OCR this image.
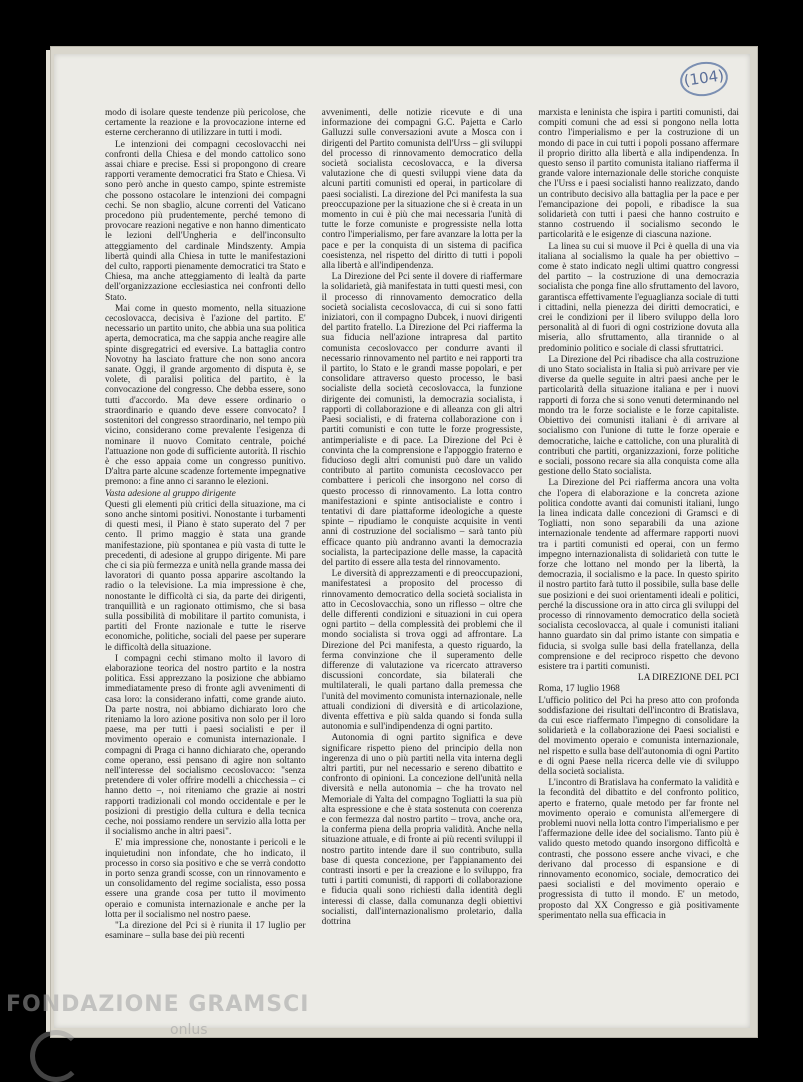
(104)

modo di isolare queste tendenze più pericolose, che certamente la reazione e la provocazione interne ed esterne cercheranno di utilizzare in tutti i modi.

Le intenzioni dei compagni cecoslovacchi nei confronti della Chiesa e del mondo cattolico sono assai chiare e precise. Essi si propongono di creare rapporti veramente democratici fra Stato e Chiesa. Vi sono però anche in questo campo, spinte estremiste che possono ostacolare le intenzioni dei compagni cechi. Se non sbaglio, alcune correnti del Vaticano procedono più prudentemente, perché temono di provocare reazioni negative e non hanno dimenticato le lezioni dell'Ungheria e dell'inconsulto atteggiamento del cardinale Mindszenty. Ampia libertà quindi alla Chiesa in tutte le manifestazioni del culto, rapporti pienamente democratici tra Stato e Chiesa, ma anche atteggiamento di lealtà da parte dell'organizzazione ecclesiastica nei confronti dello Stato.

Mai come in questo momento, nella situazione cecoslovacca, decisiva è l'azione del partito. E' necessario un partito unito, che abbia una sua politica aperta, democratica, ma che sappia anche reagire alle spinte disgregatrici ed eversive. La battaglia contro Novotny ha lasciato fratture che non sono ancora sanate. Oggi, il grande argomento di disputa è, se volete, di paralisi politica del partito, è la convocazione del congresso. Che debba essere, sono tutti d'accordo. Ma deve essere ordinario o straordinario e quando deve essere convocato? I sostenitori del congresso straordinario, nel tempo più vicino, considerano come prevalente l'esigenza di nominare il nuovo Comitato centrale, poiché l'attuazione non gode di sufficiente autorità. Il rischio è che esso appaia come un congresso punitivo. D'altra parte alcune scadenze fortemente impegnative premono: a fine anno ci saranno le elezioni.

Vasta adesione al gruppo dirigente

Questi gli elementi più critici della situazione, ma ci sono anche sintomi positivi. Nonostante i turbamenti di questi mesi, il Piano è stato superato del 7 per cento. Il primo maggio è stata una grande manifestazione, più spontanea e più vasta di tutte le precedenti, di adesione al gruppo dirigente. Mi pare che ci sia più fermezza e unità nella grande massa dei lavoratori di quanto possa apparire ascoltando la radio o la televisione. La mia impressione è che, nonostante le difficoltà ci sia, da parte dei dirigenti, tranquillità e un ragionato ottimismo, che si basa sulla possibilità di mobilitare il partito comunista, i partiti del Fronte nazionale e tutte le riserve economiche, politiche, sociali del paese per superare le difficoltà della situazione.

I compagni cechi stimano molto il lavoro di elaborazione teorica del nostro partito e la nostra politica. Essi apprezzano la posizione che abbiamo immediatamente preso di fronte agli avvenimenti di casa loro: la considerano infatti, come grande aiuto. Da parte nostra, noi abbiamo dichiarato loro che riteniamo la loro azione positiva non solo per il loro paese, ma per tutti i paesi socialisti e per il movimento operaio e comunista internazionale. I compagni di Praga ci hanno dichiarato che, operando come operano, essi pensano di agire non soltanto nell'interesse del socialismo cecoslovacco: "senza pretendere di voler offrire modelli a chicchessia – ci hanno detto –, noi riteniamo che grazie ai nostri rapporti tradizionali col mondo occidentale e per le posizioni di prestigio della cultura e della tecnica ceche, noi possiamo rendere un servizio alla lotta per il socialismo anche in altri paesi".

E' mia impressione che, nonostante i pericoli e le inquietudini non infondate, che ho indicato, il processo in corso sia positivo e che se verrà condotto in porto senza grandi scosse, con un rinnovamento e un consolidamento del regime socialista, esso possa essere una grande cosa per tutto il movimento operaio e comunista internazionale e anche per la lotta per il socialismo nel nostro paese.

"La direzione del Pci si è riunita il 17 luglio per esaminare – sulla base dei più recenti

avvenimenti, delle notizie ricevute e di una informazione dei compagni G.C. Pajetta e Carlo Galluzzi sulle conversazioni avute a Mosca con i dirigenti del Partito comunista dell'Urss – gli sviluppi del processo di rinnovamento democratico della società socialista cecoslovacca, e la diversa valutazione che di questi sviluppi viene data da alcuni partiti comunisti ed operai, in particolare di paesi socialisti. La direzione del Pci manifesta la sua preoccupazione per la situazione che si è creata in un momento in cui è più che mai necessaria l'unità di tutte le forze comuniste e progressiste nella lotta contro l'imperialismo, per fare avanzare la lotta per la pace e per la conquista di un sistema di pacifica coesistenza, nel rispetto del diritto di tutti i popoli alla libertà e all'indipendenza.

La Direzione del Pci sente il dovere di riaffermare la solidarietà, già manifestata in tutti questi mesi, con il processo di rinnovamento democratico della società socialista cecoslovacca, di cui si sono fatti iniziatori, con il compagno Dubcek, i nuovi dirigenti del partito fratello. La Direzione del Pci riafferma la sua fiducia nell'azione intrapresa dal partito comunista cecoslovacco per condurre avanti il necessario rinnovamento nel partito e nei rapporti tra il partito, lo Stato e le grandi masse popolari, e per consolidare attraverso questo processo, le basi socialiste della società cecoslovacca, la funzione dirigente dei comunisti, la democrazia socialista, i rapporti di collaborazione e di alleanza con gli altri Paesi socialisti, e di fraterna collaborazione con i partiti comunisti e con tutte le forze progressiste, antimperialiste e di pace. La Direzione del Pci è convinta che la comprensione e l'appoggio fraterno e fiducioso degli altri comunisti può dare un valido contributo al partito comunista cecoslovacco per combattere i pericoli che insorgono nel corso di questo processo di rinnovamento. La lotta contro manifestazioni e spinte antisocialiste e contro i tentativi di dare piattaforme ideologiche a queste spinte – ripudiamo le conquiste acquisite in venti anni di costruzione del socialismo – sarà tanto più efficace quanto più andranno avanti la democrazia socialista, la partecipazione delle masse, la capacità del partito di essere alla testa del rinnovamento.

Le diversità di apprezzamenti e di preoccupazioni, manifestatesi a proposito del processo di rinnovamento democratico della società socialista in atto in Cecoslovacchia, sono un riflesso – oltre che delle differenti condizioni e situazioni in cui opera ogni partito – della complessità dei problemi che il mondo socialista si trova oggi ad affrontare. La Direzione del Pci manifesta, a questo riguardo, la ferma convinzione che il superamento delle differenze di valutazione va ricercato attraverso discussioni concordate, sia bilaterali che multilaterali, le quali partano dalla premessa che l'unità del movimento comunista internazionale, nelle attuali condizioni di diversità e di articolazione, diventa effettiva e più salda quando si fonda sulla autonomia e sull'indipendenza di ogni partito.

Autonomia di ogni partito significa e deve significare rispetto pieno del principio della non ingerenza di uno o più partiti nella vita interna degli altri partiti, pur nel necessario e sereno dibattito e confronto di opinioni. La concezione dell'unità nella diversità e nella autonomia – che ha trovato nel Memoriale di Yalta del compagno Togliatti la sua più alta espressione e che è stata sostenuta con coerenza e con fermezza dal nostro partito – trova, anche ora, la conferma piena della propria validità. Anche nella situazione attuale, e di fronte ai più recenti sviluppi il nostro partito intende dare il suo contributo, sulla base di questa concezione, per l'appianamento dei contrasti insorti e per la creazione e lo sviluppo, fra tutti i partiti comunisti, di rapporti di collaborazione e fiducia quali sono richiesti dalla identità degli interessi di classe, dalla comunanza degli obiettivi socialisti, dall'internazionalismo proletario, dalla dottrina

marxista e leninista che ispira i partiti comunisti, dai compiti comuni che ad essi si pongono nella lotta contro l'imperialismo e per la costruzione di un mondo di pace in cui tutti i popoli possano affermare il proprio diritto alla libertà e alla indipendenza. In questo senso il partito comunista italiano riafferma il grande valore internazionale delle storiche conquiste che l'Urss e i paesi socialisti hanno realizzato, dando un contributo decisivo alla battaglia per la pace e per l'emancipazione dei popoli, e ribadisce la sua solidarietà con tutti i paesi che hanno costruito e stanno costruendo il socialismo secondo le particolarità e le esigenze di ciascuna nazione.

La linea su cui si muove il Pci è quella di una via italiana al socialismo la quale ha per obiettivo – come è stato indicato negli ultimi quattro congressi del partito – la costruzione di una democrazia socialista che ponga fine allo sfruttamento del lavoro, garantisca effettivamente l'eguaglianza sociale di tutti i cittadini, nella pienezza dei diritti democratici, e crei le condizioni per il libero sviluppo della loro personalità al di fuori di ogni costrizione dovuta alla miseria, allo sfruttamento, alla tirannide o al predominio politico e sociale di classi sfruttatrici.

La Direzione del Pci ribadisce cha alla costruzione di uno Stato socialista in Italia si può arrivare per vie diverse da quelle seguite in altri paesi anche per le particolarità della situazione italiana e per i nuovi rapporti di forza che si sono venuti determinando nel mondo tra le forze socialiste e le forze capitaliste. Obiettivo dei comunisti italiani è di arrivare al socialismo con l'unione di tutte le forze operaie e democratiche, laiche e cattoliche, con una pluralità di contributi che partiti, organizzazioni, forze politiche e sociali, possono recare sia alla conquista come alla gestione dello Stato socialista.

La Direzione del Pci riafferma ancora una volta che l'opera di elaborazione e la concreta azione politica condotte avanti dai comunisti italiani, lungo la linea indicata dalle concezioni di Gramsci e di Togliatti, non sono separabili da una azione internazionale tendente ad affermare rapporti nuovi tra i partiti comunisti ed operai, con un fermo impegno internazionalista di solidarietà con tutte le forze che lottano nel mondo per la libertà, la democrazia, il socialismo e la pace. In questo spirito il nostro partito farà tutto il possibile, sulla base delle sue posizioni e dei suoi orientamenti ideali e politici, perché la discussione ora in atto circa gli sviluppi del processo di rinnovamento democratico della società socialista cecoslovacca, al quale i comunisti italiani hanno guardato sin dal primo istante con simpatia e fiducia, si svolga sulle basi della fratellanza, della comprensione e del reciproco rispetto che devono esistere tra i partiti comunisti.

LA DIREZIONE DEL PCI

Roma, 17 luglio 1968

L'ufficio politico del Pci ha preso atto con profonda soddisfazione dei risultati dell'incontro di Bratislava, da cui esce riaffermato l'impegno di consolidare la solidarietà e la collaborazione dei Paesi socialisti e del movimento operaio e comunista internazionale, nel rispetto e sulla base dell'autonomia di ogni Partito e di ogni Paese nella ricerca delle vie di sviluppo della società socialista.

L'incontro di Bratislava ha confermato la validità e la fecondità del dibattito e del confronto politico, aperto e fraterno, quale metodo per far fronte nel movimento operaio e comunista all'emergere di problemi nuovi nella lotta contro l'imperialismo e per l'affermazione delle idee del socialismo. Tanto più è valido questo metodo quando insorgono difficoltà e contrasti, che possono essere anche vivaci, e che derivano dal processo di espansione e di rinnovamento economico, sociale, democratico dei paesi socialisti e del movimento operaio e progressista di tutto il mondo. E' un metodo, proposto dal XX Congresso e già positivamente sperimentato nella sua efficacia in

FONDAZIONE GRAMSCI
onlus
